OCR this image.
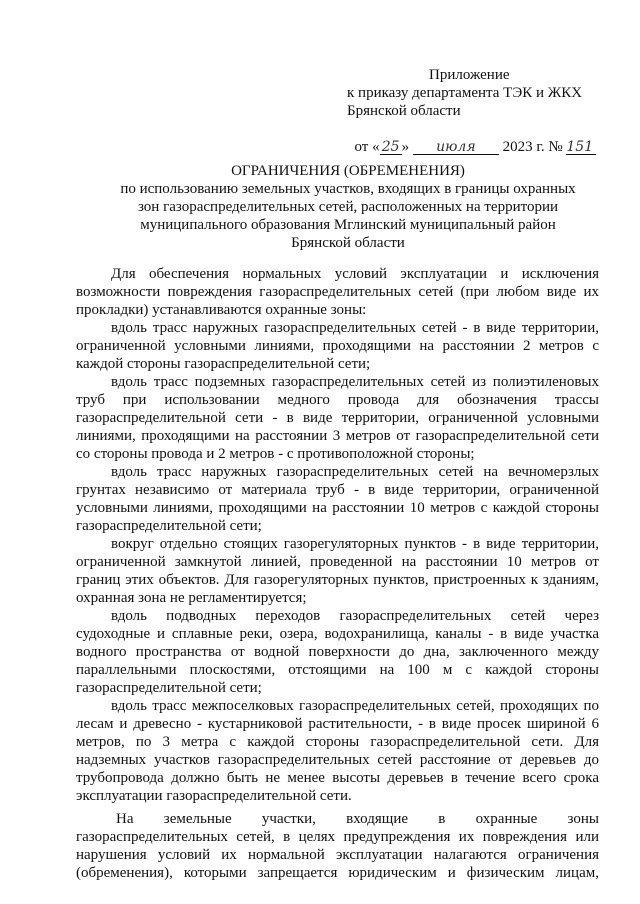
Приложение
к приказу департамента ТЭК и ЖКХ
Брянской области

от « 25 » июля 2023 г. № 151

ОГРАНИЧЕНИЯ (ОБРЕМЕНЕНИЯ)
по использованию земельных участков, входящих в границы охранных
зон газораспределительных сетей, расположенных на территории
муниципального образования Мглинский муниципальный район
Брянской области
Для обеспечения нормальных условий эксплуатации и исключения
возможности повреждения газораспределительных сетей (при любом виде их
прокладки) устанавливаются охранные зоны:
вдоль трасс наружных газораспределительных сетей - в виде территории,
ограниченной условными линиями, проходящими на расстоянии 2 метров с
каждой стороны газораспределительной сети;
вдоль трасс подземных газораспределительных сетей из полиэтиленовых
труб при использовании медного провода для обозначения трассы
газораспределительной сети - в виде территории, ограниченной условными
линиями, проходящими на расстоянии 3 метров от газораспределительной сети
со стороны провода и 2 метров - с противоположной стороны;
вдоль трасс наружных газораспределительных сетей на вечномерзлых
грунтах независимо от материала труб - в виде территории, ограниченной
условными линиями, проходящими на расстоянии 10 метров с каждой стороны
газораспределительной сети;
вокруг отдельно стоящих газорегуляторных пунктов - в виде территории,
ограниченной замкнутой линией, проведенной на расстоянии 10 метров от
границ этих объектов. Для газорегуляторных пунктов, пристроенных к зданиям,
охранная зона не регламентируется;
вдоль подводных переходов газораспределительных сетей через
судоходные и сплавные реки, озера, водохранилища, каналы - в виде участка
водного пространства от водной поверхности до дна, заключенного между
параллельными плоскостями, отстоящими на 100 м с каждой стороны
газораспределительной сети;
вдоль трасс межпоселковых газораспределительных сетей, проходящих по
лесам и древесно - кустарниковой растительности, - в виде просек шириной 6
метров, по 3 метра с каждой стороны газораспределительной сети. Для
надземных участков газораспределительных сетей расстояние от деревьев до
трубопровода должно быть не менее высоты деревьев в течение всего срока
эксплуатации газораспределительной сети.
На земельные участки, входящие в охранные зоны
газораспределительных сетей, в целях предупреждения их повреждения или
нарушения условий их нормальной эксплуатации налагаются ограничения
(обременения), которыми запрещается юридическим и физическим лицам,
